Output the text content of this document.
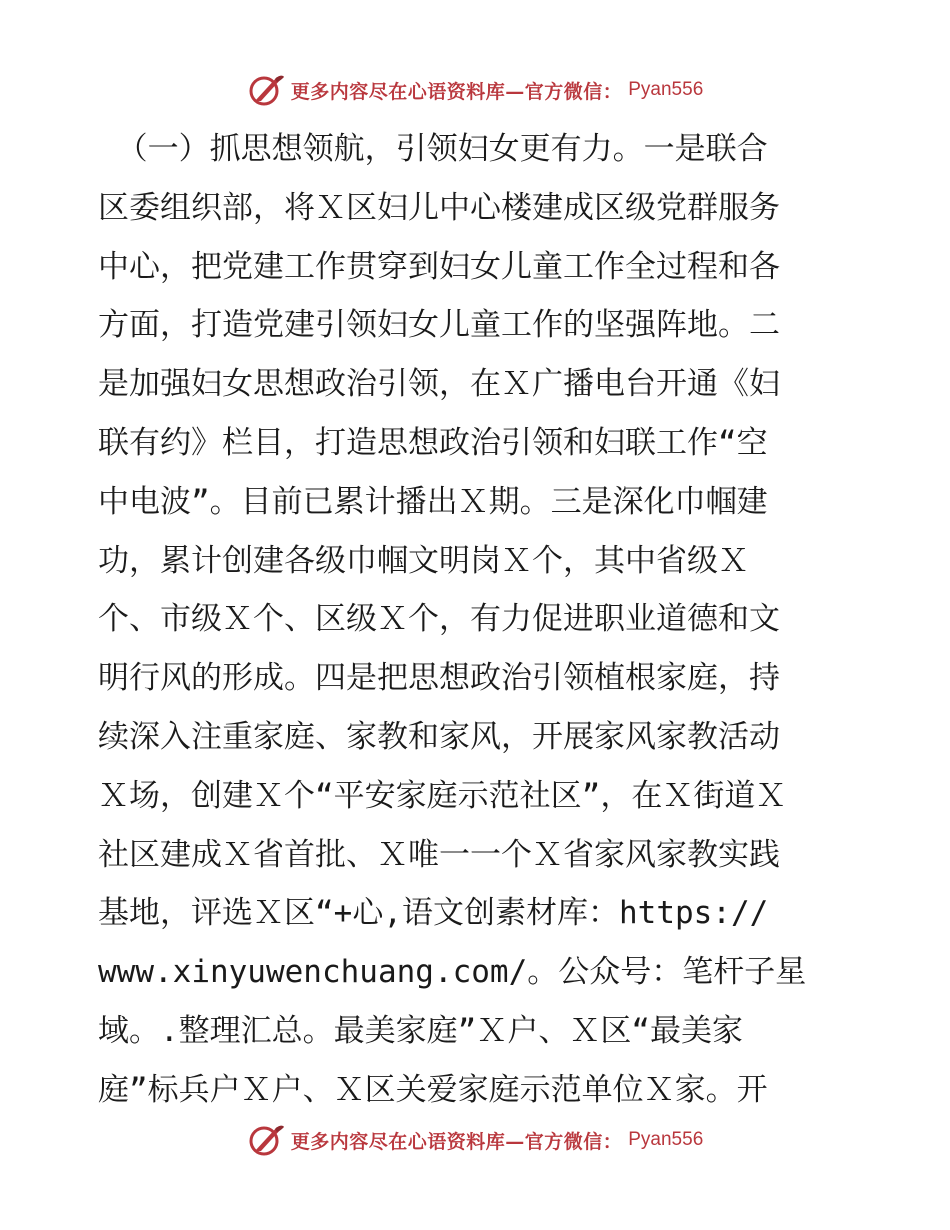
更多内容尽在心语资料库—官方微信： Pyan556
（一）抓思想领航，引领妇女更有力。一是联合
区委组织部，将Ｘ区妇儿中心楼建成区级党群服务
中心，把党建工作贯穿到妇女儿童工作全过程和各
方面，打造党建引领妇女儿童工作的坚强阵地。二
是加强妇女思想政治引领，在Ｘ广播电台开通《妇
联有约》栏目，打造思想政治引领和妇联工作“空
中电波”。目前已累计播出Ｘ期。三是深化巾帼建
功，累计创建各级巾帼文明岗Ｘ个，其中省级Ｘ
个、市级Ｘ个、区级Ｘ个，有力促进职业道德和文
明行风的形成。四是把思想政治引领植根家庭，持
续深入注重家庭、家教和家风，开展家风家教活动
Ｘ场，创建Ｘ个“平安家庭示范社区”，在Ｘ街道Ｘ
社区建成Ｘ省首批、Ｘ唯一一个Ｘ省家风家教实践
基地，评选Ｘ区“+心,语文创素材库：https://
www.xinyuwenchuang.com/。公众号：笔杆子星
域。.整理汇总。最美家庭”Ｘ户、Ｘ区“最美家
庭”标兵户Ｘ户、Ｘ区关爱家庭示范单位Ｘ家。开
更多内容尽在心语资料库—官方微信： Pyan556
